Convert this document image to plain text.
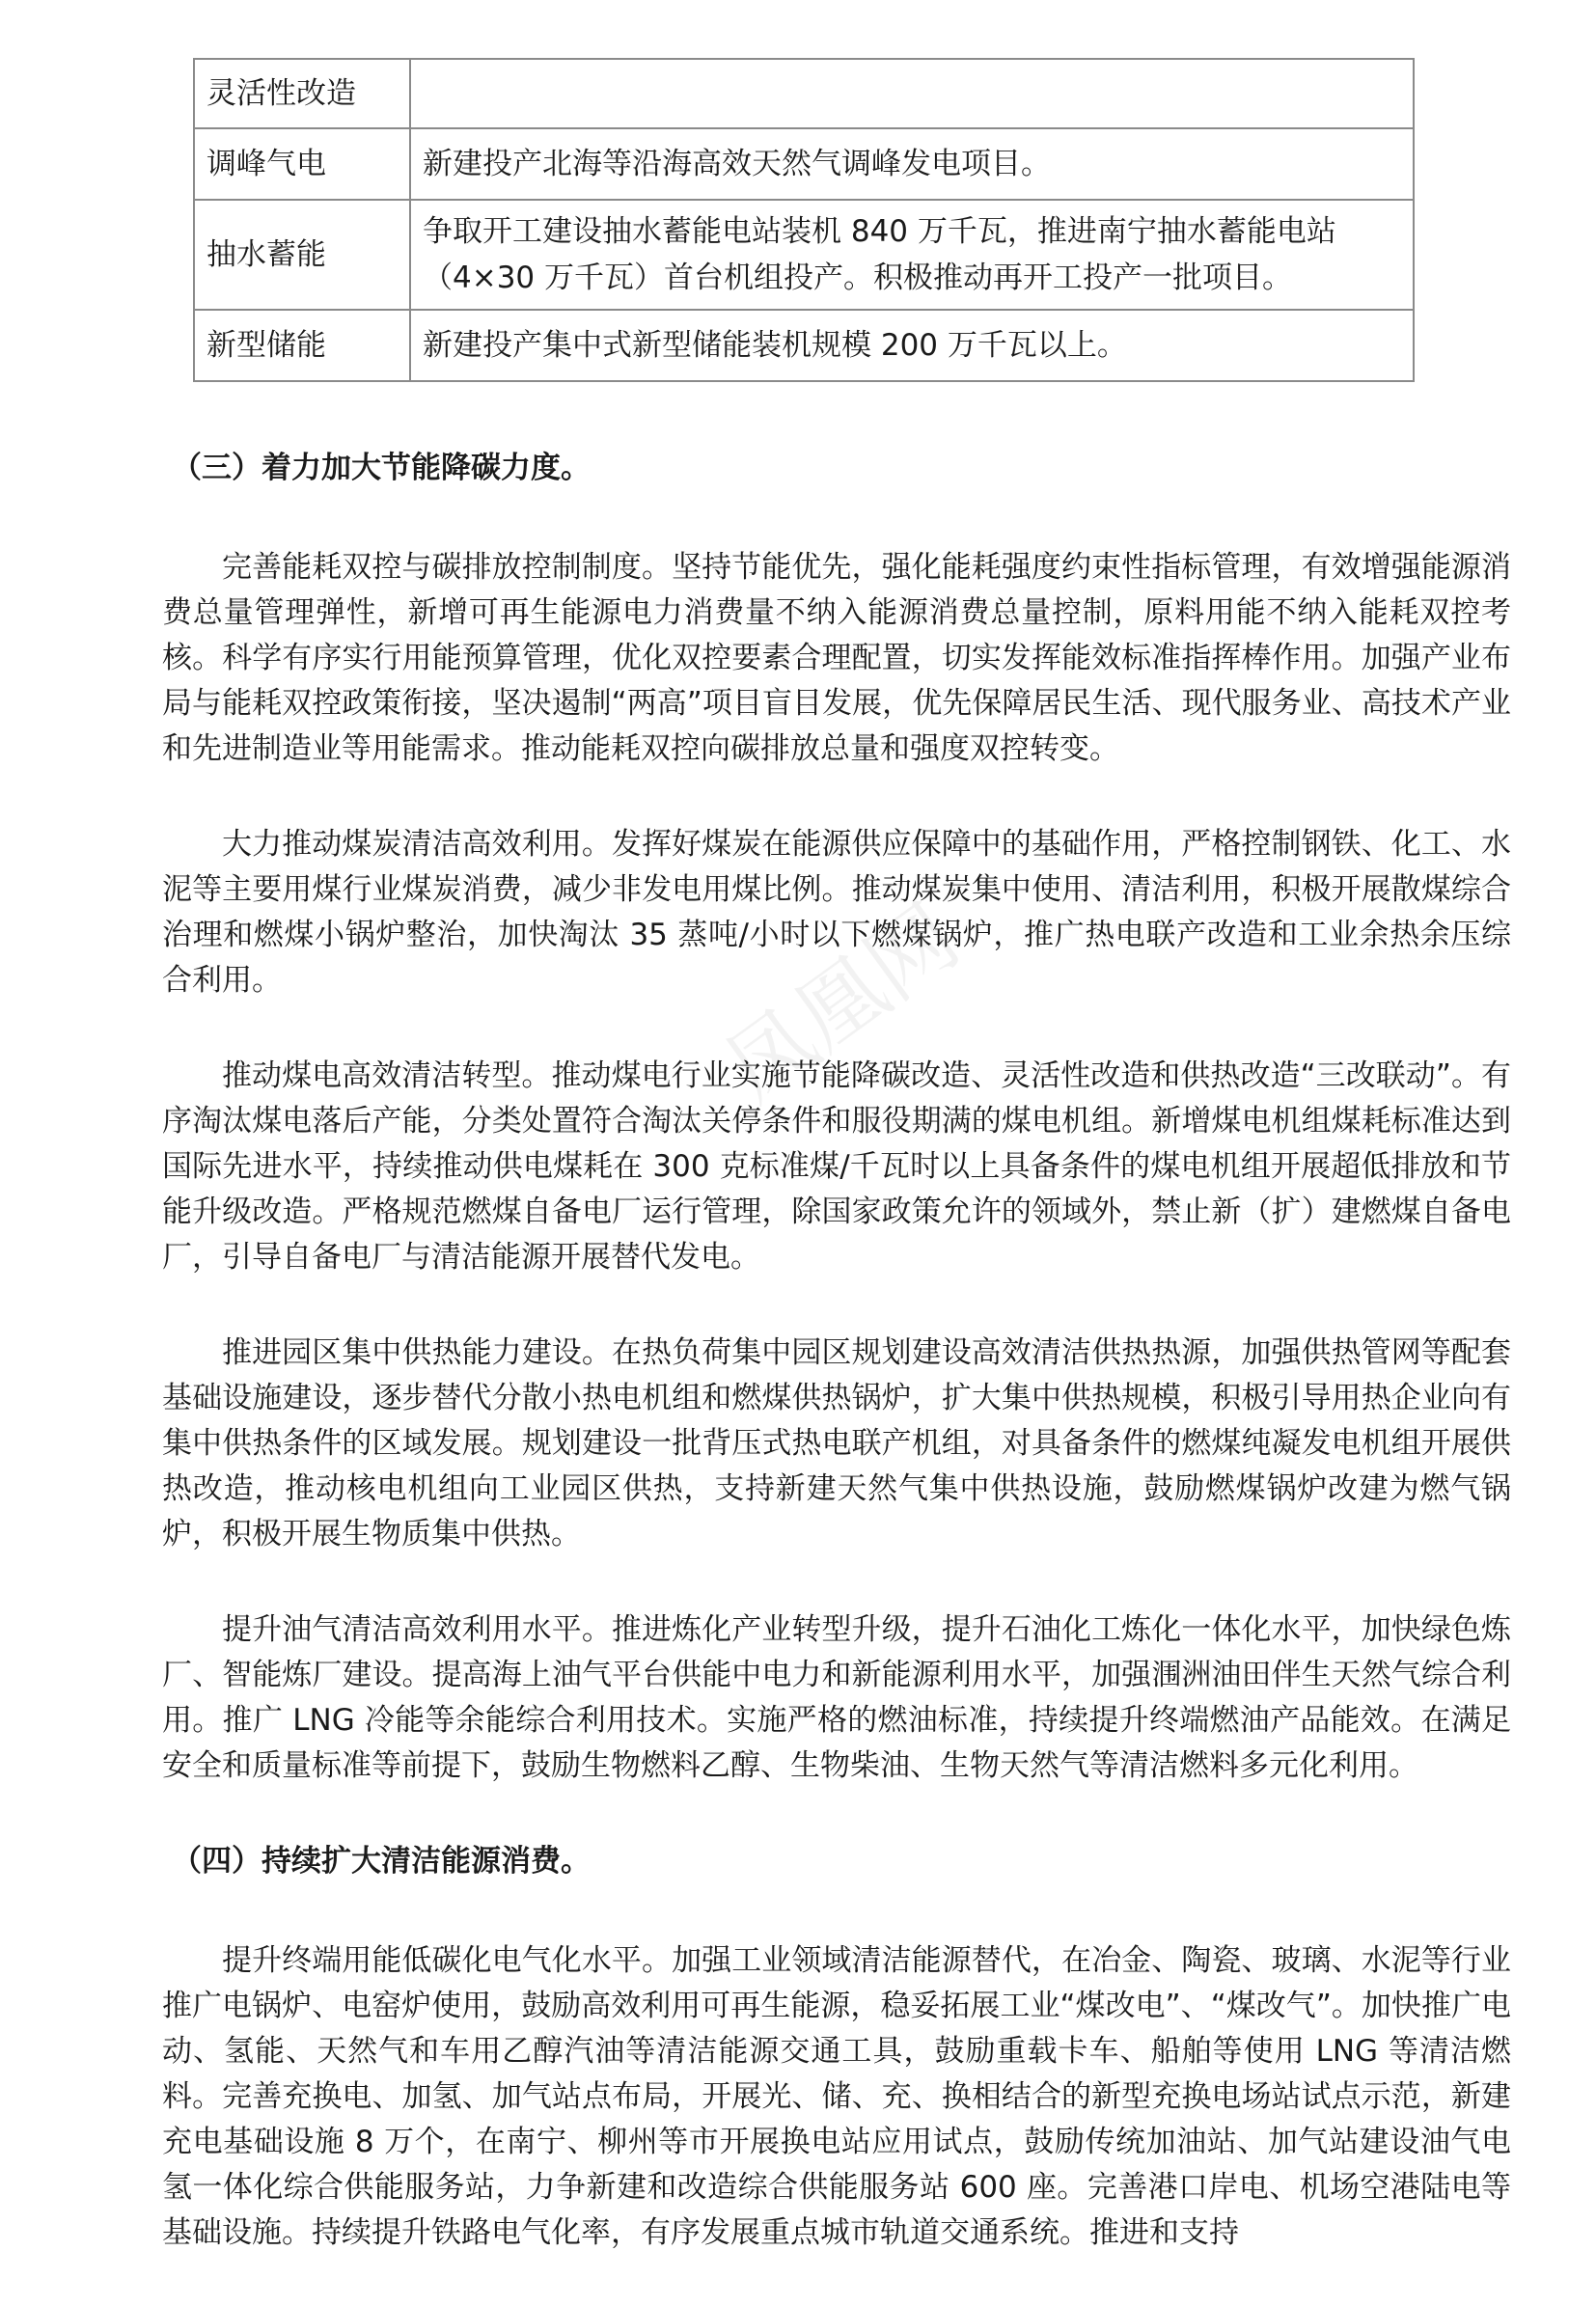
灵活性改造	
调峰气电	新建投产北海等沿海高效天然气调峰发电项目。
抽水蓄能	争取开工建设抽水蓄能电站装机 840 万千瓦，推进南宁抽水蓄能电站（4×30 万千瓦）首台机组投产。积极推动再开工投产一批项目。
新型储能	新建投产集中式新型储能装机规模 200 万千瓦以上。
（三）着力加大节能降碳力度。

完善能耗双控与碳排放控制制度。坚持节能优先，强化能耗强度约束性指标管理，有效增强能源消费总量管理弹性，新增可再生能源电力消费量不纳入能源消费总量控制，原料用能不纳入能耗双控考核。科学有序实行用能预算管理，优化双控要素合理配置，切实发挥能效标准指挥棒作用。加强产业布局与能耗双控政策衔接，坚决遏制“两高”项目盲目发展，优先保障居民生活、现代服务业、高技术产业和先进制造业等用能需求。推动能耗双控向碳排放总量和强度双控转变。

大力推动煤炭清洁高效利用。发挥好煤炭在能源供应保障中的基础作用，严格控制钢铁、化工、水泥等主要用煤行业煤炭消费，减少非发电用煤比例。推动煤炭集中使用、清洁利用，积极开展散煤综合治理和燃煤小锅炉整治，加快淘汰 35 蒸吨/小时以下燃煤锅炉，推广热电联产改造和工业余热余压综合利用。

推动煤电高效清洁转型。推动煤电行业实施节能降碳改造、灵活性改造和供热改造“三改联动”。有序淘汰煤电落后产能，分类处置符合淘汰关停条件和服役期满的煤电机组。新增煤电机组煤耗标准达到国际先进水平，持续推动供电煤耗在 300 克标准煤/千瓦时以上具备条件的煤电机组开展超低排放和节能升级改造。严格规范燃煤自备电厂运行管理，除国家政策允许的领域外，禁止新（扩）建燃煤自备电厂，引导自备电厂与清洁能源开展替代发电。

推进园区集中供热能力建设。在热负荷集中园区规划建设高效清洁供热热源，加强供热管网等配套基础设施建设，逐步替代分散小热电机组和燃煤供热锅炉，扩大集中供热规模，积极引导用热企业向有集中供热条件的区域发展。规划建设一批背压式热电联产机组，对具备条件的燃煤纯凝发电机组开展供热改造，推动核电机组向工业园区供热，支持新建天然气集中供热设施，鼓励燃煤锅炉改建为燃气锅炉，积极开展生物质集中供热。

提升油气清洁高效利用水平。推进炼化产业转型升级，提升石油化工炼化一体化水平，加快绿色炼厂、智能炼厂建设。提高海上油气平台供能中电力和新能源利用水平，加强涠洲油田伴生天然气综合利用。推广 LNG 冷能等余能综合利用技术。实施严格的燃油标准，持续提升终端燃油产品能效。在满足安全和质量标准等前提下，鼓励生物燃料乙醇、生物柴油、生物天然气等清洁燃料多元化利用。

（四）持续扩大清洁能源消费。

提升终端用能低碳化电气化水平。加强工业领域清洁能源替代，在冶金、陶瓷、玻璃、水泥等行业推广电锅炉、电窑炉使用，鼓励高效利用可再生能源，稳妥拓展工业“煤改电”、“煤改气”。加快推广电动、氢能、天然气和车用乙醇汽油等清洁能源交通工具，鼓励重载卡车、船舶等使用 LNG 等清洁燃料。完善充换电、加氢、加气站点布局，开展光、储、充、换相结合的新型充换电场站试点示范，新建充电基础设施 8 万个，在南宁、柳州等市开展换电站应用试点，鼓励传统加油站、加气站建设油气电氢一体化综合供能服务站，力争新建和改造综合供能服务站 600 座。完善港口岸电、机场空港陆电等基础设施。持续提升铁路电气化率，有序发展重点城市轨道交通系统。推进和支持

凤凰网
